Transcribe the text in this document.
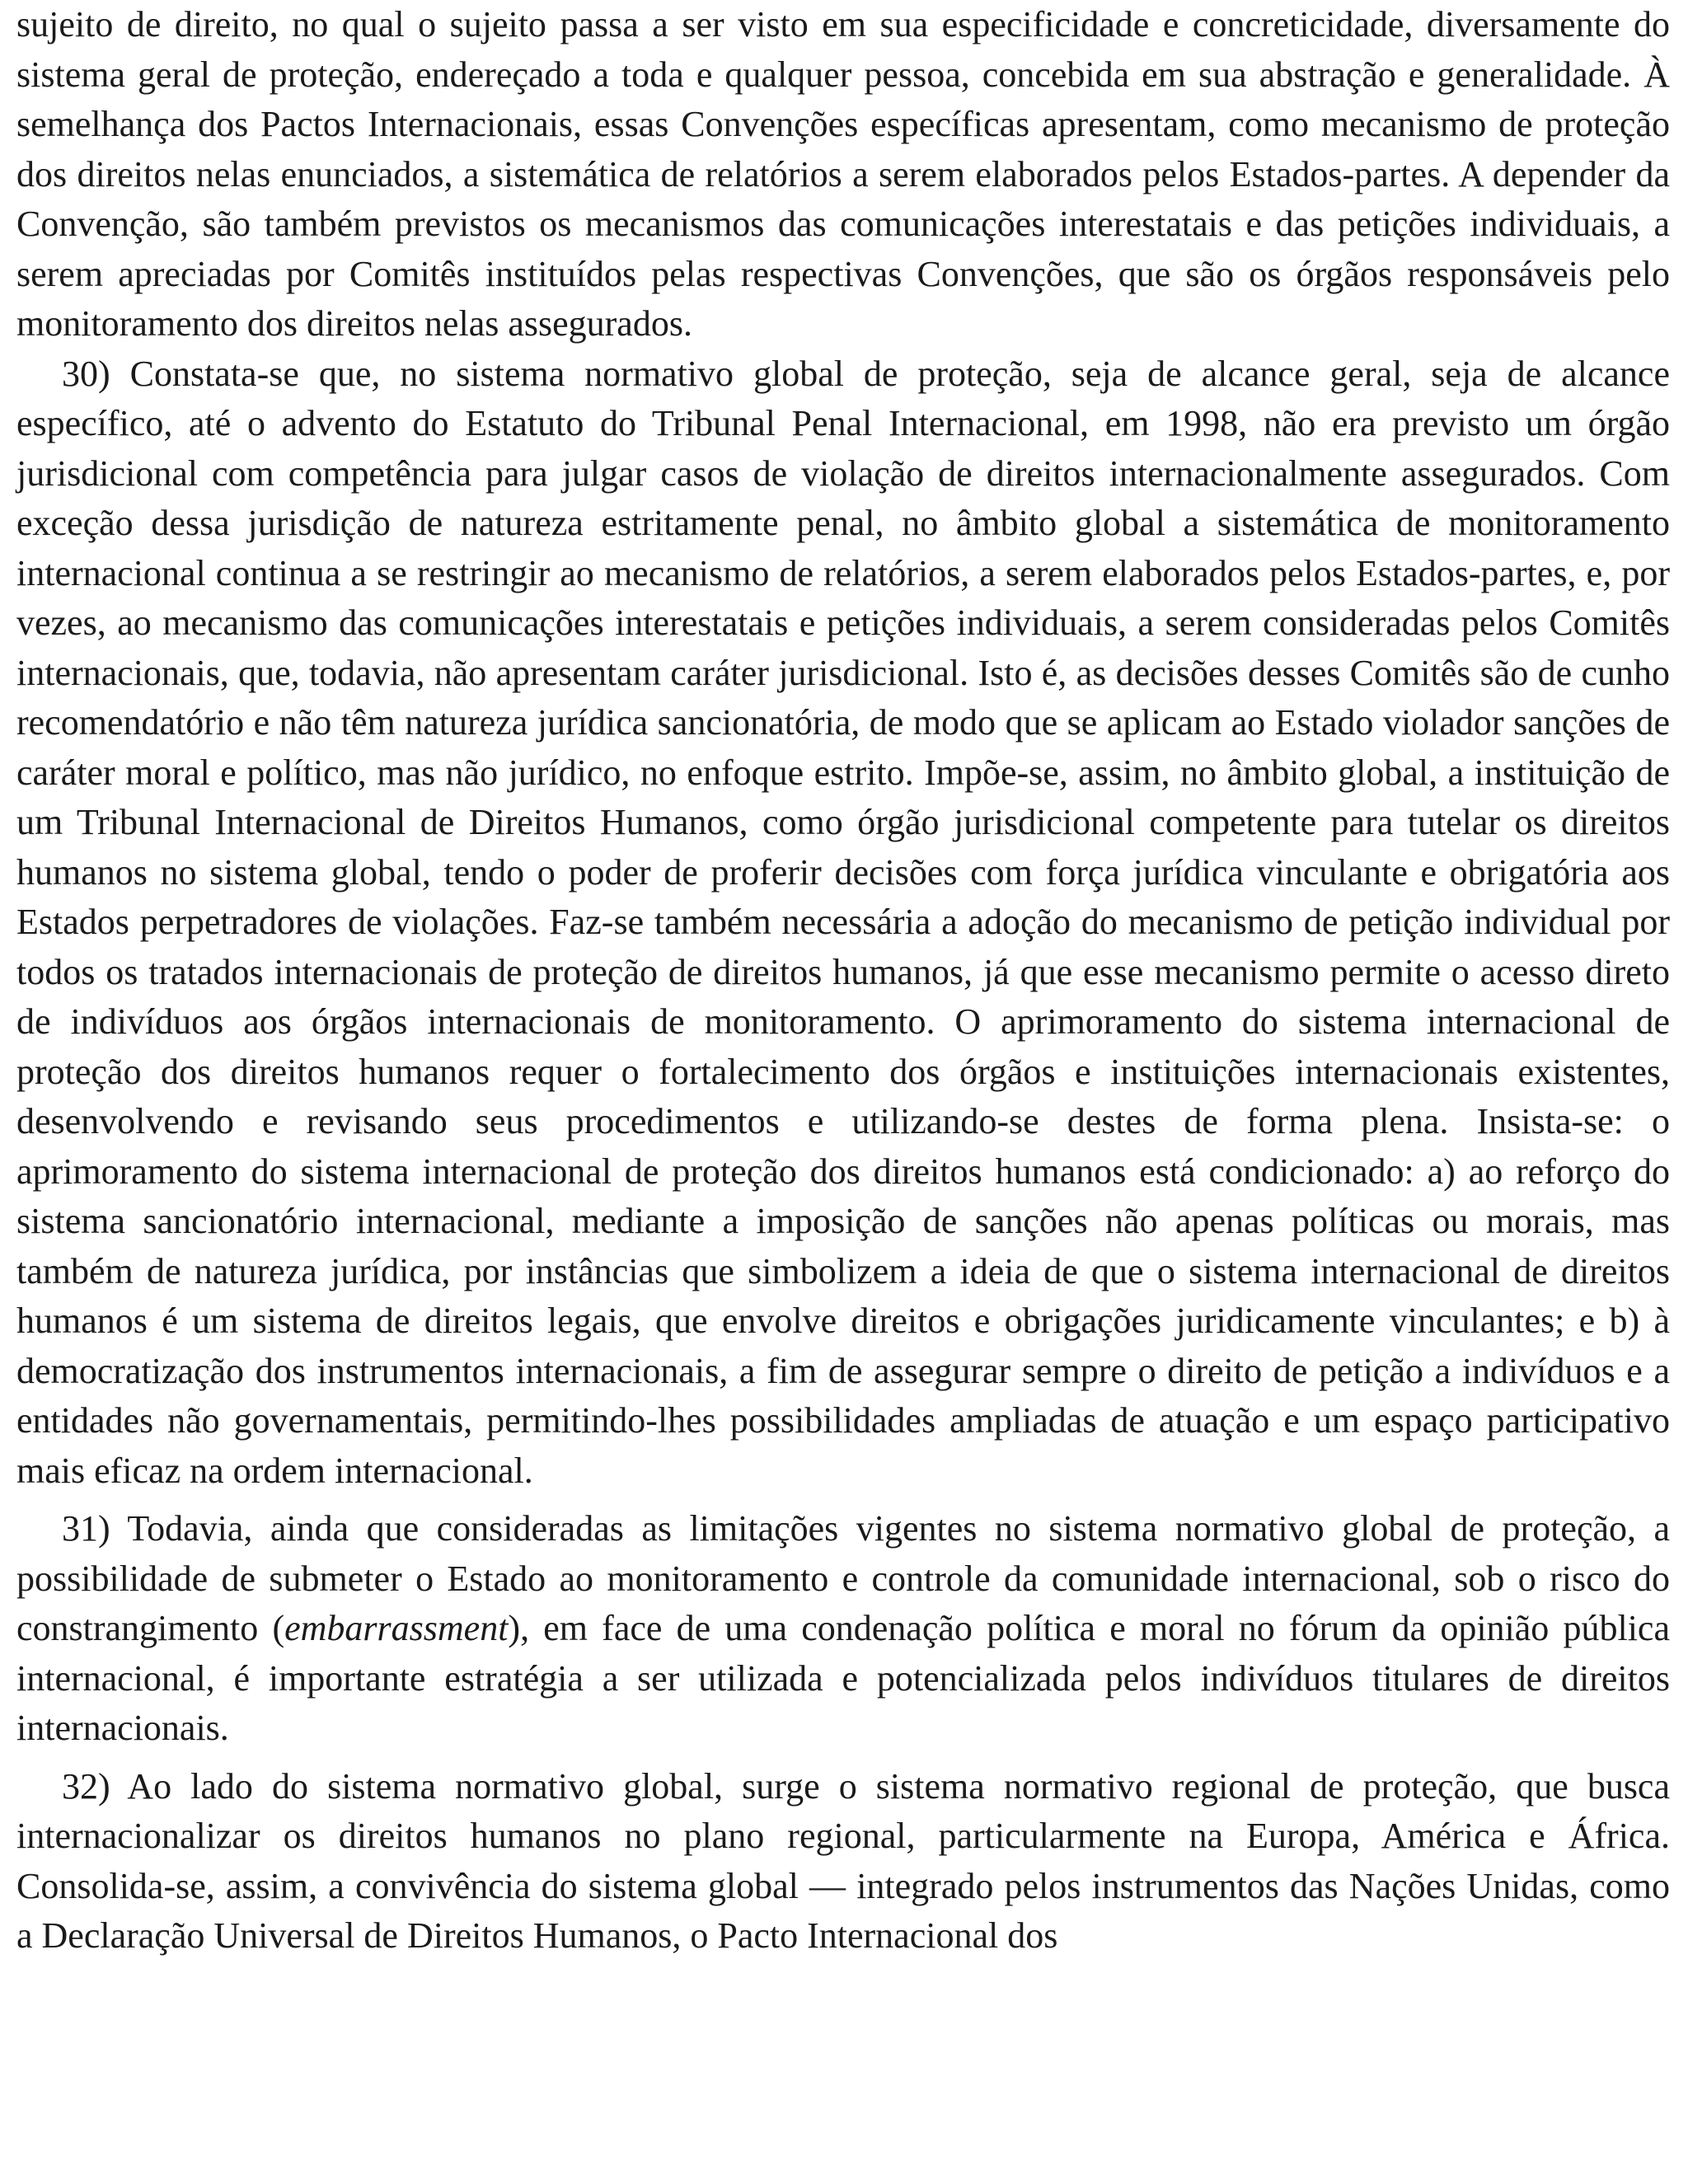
sujeito de direito, no qual o sujeito passa a ser visto em sua especificidade e concreticidade, diversamente do sistema geral de proteção, endereçado a toda e qualquer pessoa, concebida em sua abstração e generalidade. À semelhança dos Pactos Internacionais, essas Convenções específicas apresentam, como mecanismo de proteção dos direitos nelas enunciados, a sistemática de relatórios a serem elaborados pelos Estados-partes. A depender da Convenção, são também previstos os mecanismos das comunicações interestatais e das petições individuais, a serem apreciadas por Comitês instituídos pelas respectivas Convenções, que são os órgãos responsáveis pelo monitoramento dos direitos nelas assegurados.

30) Constata-se que, no sistema normativo global de proteção, seja de alcance geral, seja de alcance específico, até o advento do Estatuto do Tribunal Penal Internacional, em 1998, não era previsto um órgão jurisdicional com competência para julgar casos de violação de direitos internacionalmente assegurados. Com exceção dessa jurisdição de natureza estritamente penal, no âmbito global a sistemática de monitoramento internacional continua a se restringir ao mecanismo de relatórios, a serem elaborados pelos Estados-partes, e, por vezes, ao mecanismo das comunicações interestatais e petições individuais, a serem consideradas pelos Comitês internacionais, que, todavia, não apresentam caráter jurisdicional. Isto é, as decisões desses Comitês são de cunho recomendatório e não têm natureza jurídica sancionatória, de modo que se aplicam ao Estado violador sanções de caráter moral e político, mas não jurídico, no enfoque estrito. Impõe-se, assim, no âmbito global, a instituição de um Tribunal Internacional de Direitos Humanos, como órgão jurisdicional competente para tutelar os direitos humanos no sistema global, tendo o poder de proferir decisões com força jurídica vinculante e obrigatória aos Estados perpetradores de violações. Faz-se também necessária a adoção do mecanismo de petição individual por todos os tratados internacionais de proteção de direitos humanos, já que esse mecanismo permite o acesso direto de indivíduos aos órgãos internacionais de monitoramento. O aprimoramento do sistema internacional de proteção dos direitos humanos requer o fortalecimento dos órgãos e instituições internacionais existentes, desenvolvendo e revisando seus procedimentos e utilizando-se destes de forma plena. Insista-se: o aprimoramento do sistema internacional de proteção dos direitos humanos está condicionado: a) ao reforço do sistema sancionatório internacional, mediante a imposição de sanções não apenas políticas ou morais, mas também de natureza jurídica, por instâncias que simbolizem a ideia de que o sistema internacional de direitos humanos é um sistema de direitos legais, que envolve direitos e obrigações juridicamente vinculantes; e b) à democratização dos instrumentos internacionais, a fim de assegurar sempre o direito de petição a indivíduos e a entidades não governamentais, permitindo-lhes possibilidades ampliadas de atuação e um espaço participativo mais eficaz na ordem internacional.

31) Todavia, ainda que consideradas as limitações vigentes no sistema normativo global de proteção, a possibilidade de submeter o Estado ao monitoramento e controle da comunidade internacional, sob o risco do constrangimento (embarrassment), em face de uma condenação política e moral no fórum da opinião pública internacional, é importante estratégia a ser utilizada e potencializada pelos indivíduos titulares de direitos internacionais.

32) Ao lado do sistema normativo global, surge o sistema normativo regional de proteção, que busca internacionalizar os direitos humanos no plano regional, particularmente na Europa, América e África. Consolida-se, assim, a convivência do sistema global — integrado pelos instrumentos das Nações Unidas, como a Declaração Universal de Direitos Humanos, o Pacto Internacional dos
